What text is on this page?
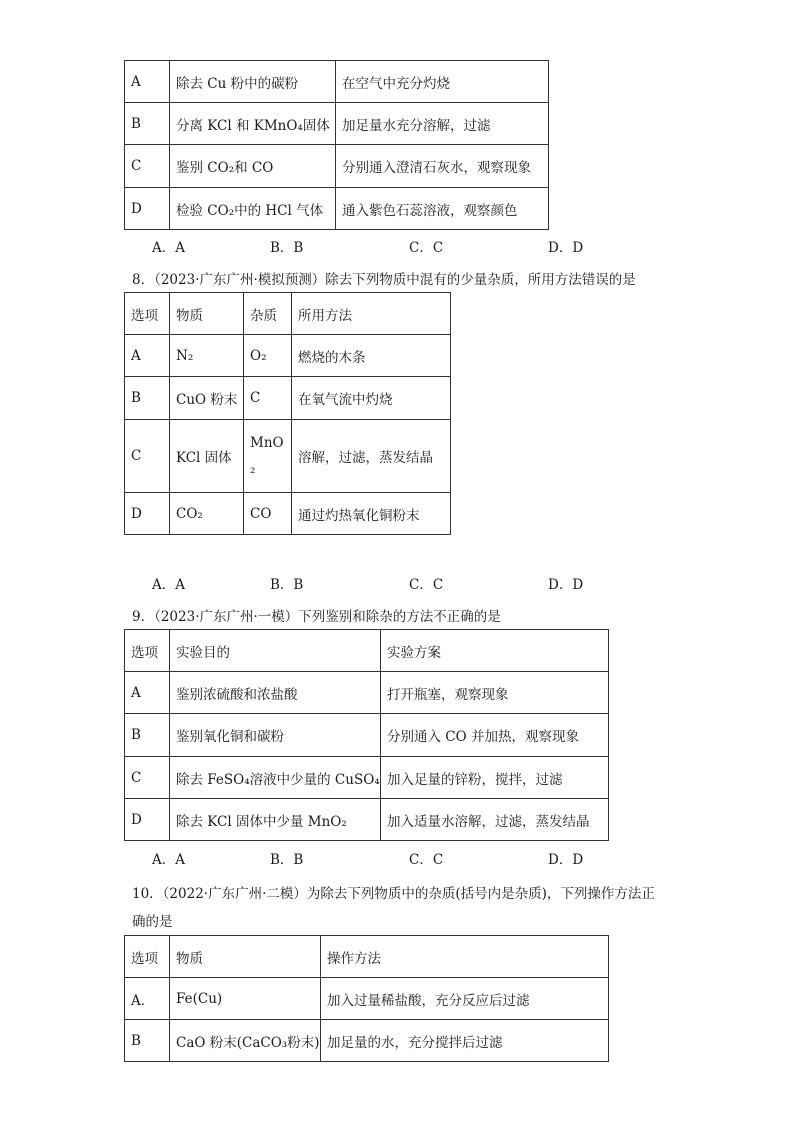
A	除去 Cu 粉中的碳粉	在空气中充分灼烧
B	分离 KCl 和 KMnO₄固体	加足量水充分溶解，过滤
C	鉴别 CO₂和 CO	分别通入澄清石灰水，观察现象
D	检验 CO₂中的 HCl 气体	通入紫色石蕊溶液，观察颜色
A．A	B．B	C．C	D．D
8．（2023·广东广州·模拟预测）除去下列物质中混有的少量杂质，所用方法错误的是
选项	物质	杂质	所用方法
A	N₂	O₂	燃烧的木条
B	CuO 粉末	C	在氧气流中灼烧
C	KCl 固体	MnO₂	溶解，过滤，蒸发结晶
D	CO₂	CO	通过灼热氧化铜粉末
A．A	B．B	C．C	D．D
9．（2023·广东广州·一模）下列鉴别和除杂的方法不正确的是
选项	实验目的	实验方案
A	鉴别浓硫酸和浓盐酸	打开瓶塞，观察现象
B	鉴别氧化铜和碳粉	分别通入 CO 并加热，观察现象
C	除去 FeSO₄溶液中少量的 CuSO₄	加入足量的锌粉，搅拌，过滤
D	除去 KCl 固体中少量 MnO₂	加入适量水溶解，过滤，蒸发结晶
A．A	B．B	C．C	D．D
10．（2022·广东广州·二模）为除去下列物质中的杂质(括号内是杂质)，下列操作方法正
确的是
选项	物质	操作方法
A．	Fe(Cu)	加入过量稀盐酸，充分反应后过滤
B	CaO 粉末(CaCO₃粉末)	加足量的水，充分搅拌后过滤
